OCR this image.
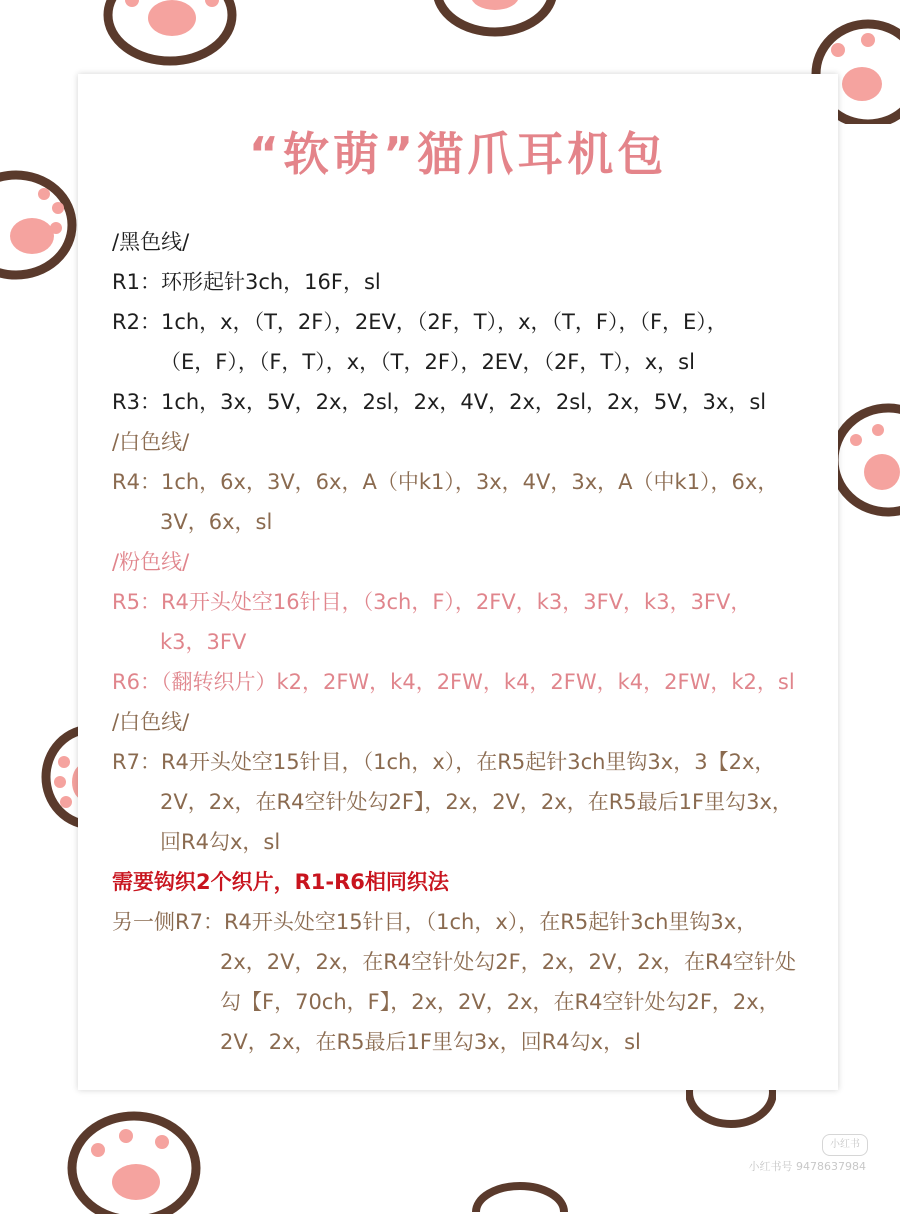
“软萌”猫爪耳机包
/黑色线/
R1：环形起针3ch，16F，sl
R2：1ch，x，（T，2F），2EV，（2F，T），x，（T，F），（F，E），
（E，F），（F，T），x，（T，2F），2EV，（2F，T），x，sl
R3：1ch，3x，5V，2x，2sl，2x，4V，2x，2sl，2x，5V，3x，sl
/白色线/
R4：1ch，6x，3V，6x，A（中k1），3x，4V，3x，A（中k1），6x，
3V，6x，sl
/粉色线/
R5：R4开头处空16针目，（3ch，F），2FV，k3，3FV，k3，3FV，
k3，3FV
R6：（翻转织片）k2，2FW，k4，2FW，k4，2FW，k4，2FW，k2，sl
/白色线/
R7：R4开头处空15针目，（1ch，x），在R5起针3ch里钩3x，3【2x，
2V，2x，在R4空针处勾2F】，2x，2V，2x，在R5最后1F里勾3x，
回R4勾x，sl
需要钩织2个织片，R1-R6相同织法
另一侧R7：R4开头处空15针目，（1ch，x），在R5起针3ch里钩3x，
2x，2V，2x，在R4空针处勾2F，2x，2V，2x，在R4空针处
勾【F，70ch，F】，2x，2V，2x，在R4空针处勾2F，2x，
2V，2x，在R5最后1F里勾3x，回R4勾x，sl
小红书
小红书号 9478637984
